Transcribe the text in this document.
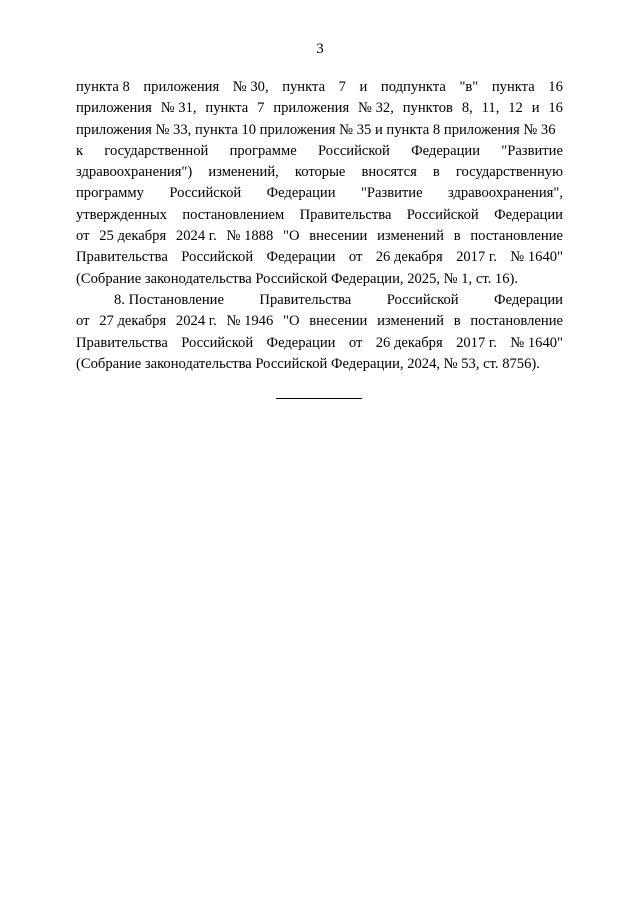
3
пункта 8 приложения № 30, пункта 7 и подпункта "в" пункта 16
приложения № 31, пункта 7 приложения № 32, пунктов 8, 11, 12 и 16
приложения № 33, пункта 10 приложения № 35 и пункта 8 приложения № 36
к государственной программе Российской Федерации "Развитие
здравоохранения") изменений, которые вносятся в государственную
программу Российской Федерации "Развитие здравоохранения",
утвержденных постановлением Правительства Российской Федерации
от 25 декабря 2024 г. № 1888 "О внесении изменений в постановление
Правительства Российской Федерации от 26 декабря 2017 г. № 1640"
(Собрание законодательства Российской Федерации, 2025, № 1, ст. 16).
8. Постановление Правительства Российской Федерации
от 27 декабря 2024 г. № 1946 "О внесении изменений в постановление
Правительства Российской Федерации от 26 декабря 2017 г. № 1640"
(Собрание законодательства Российской Федерации, 2024, № 53, ст. 8756).
